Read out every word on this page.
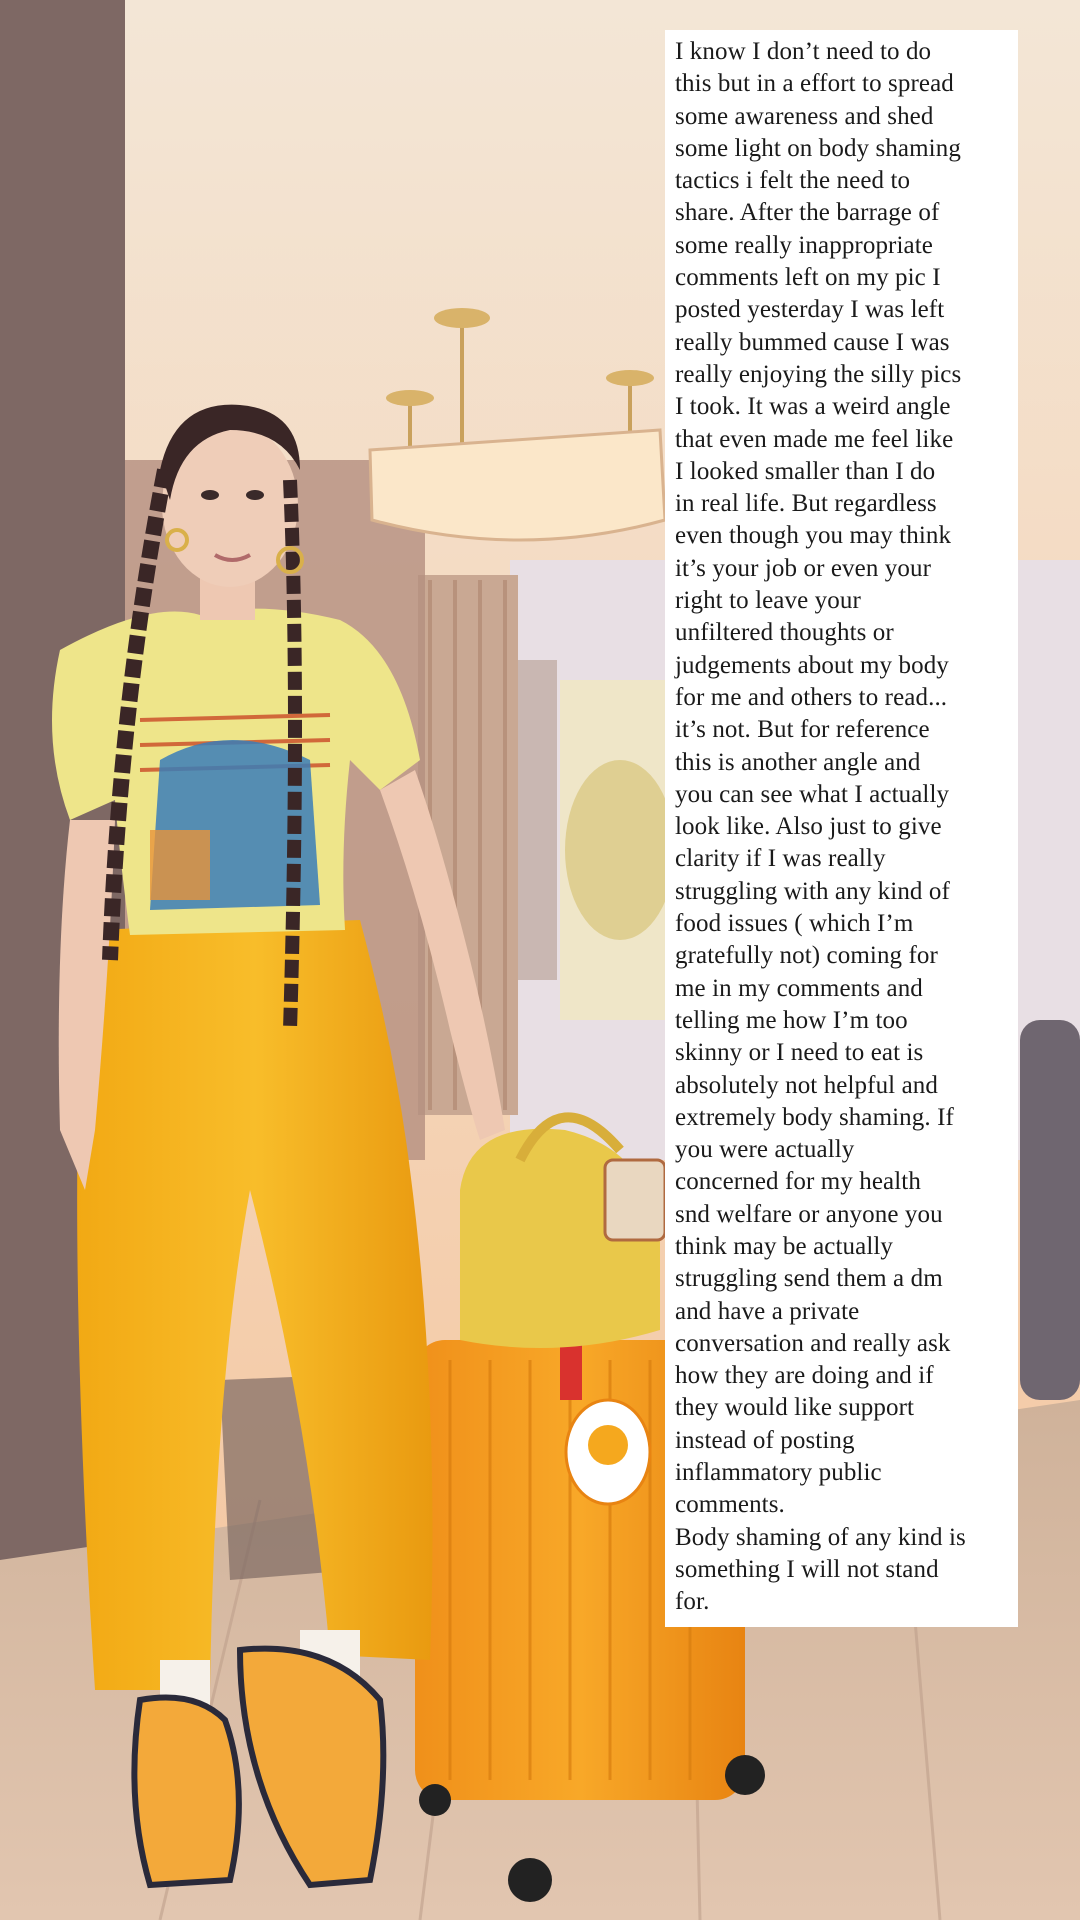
I know I don’t need to do
this but in a effort to spread
some awareness and shed
some light on body shaming
tactics i felt the need to
share. After the barrage of
some really inappropriate
comments left on my pic I
posted yesterday I was left
really bummed cause I was
really enjoying the silly pics
I took. It was a weird angle
that even made me feel like
I looked smaller than I do
in real life. But regardless
even though you may think
it’s your job or even your
right to leave your
unfiltered thoughts or
judgements about my body
for me and others to read...
it’s not. But for reference
this is another angle and
you can see what I actually
look like. Also just to give
clarity if I was really
struggling with any kind of
food issues ( which I’m
gratefully not) coming for
me in my comments and
telling me how I’m too
skinny or I need to eat is
absolutely not helpful and
extremely body shaming. If
you were actually
concerned for my health
snd welfare or anyone you
think may be actually
struggling send them a dm
and have a private
conversation and really ask
how they are doing and if
they would like support
instead of posting
inflammatory public
comments.
Body shaming of any kind is
something I will not stand
for.
